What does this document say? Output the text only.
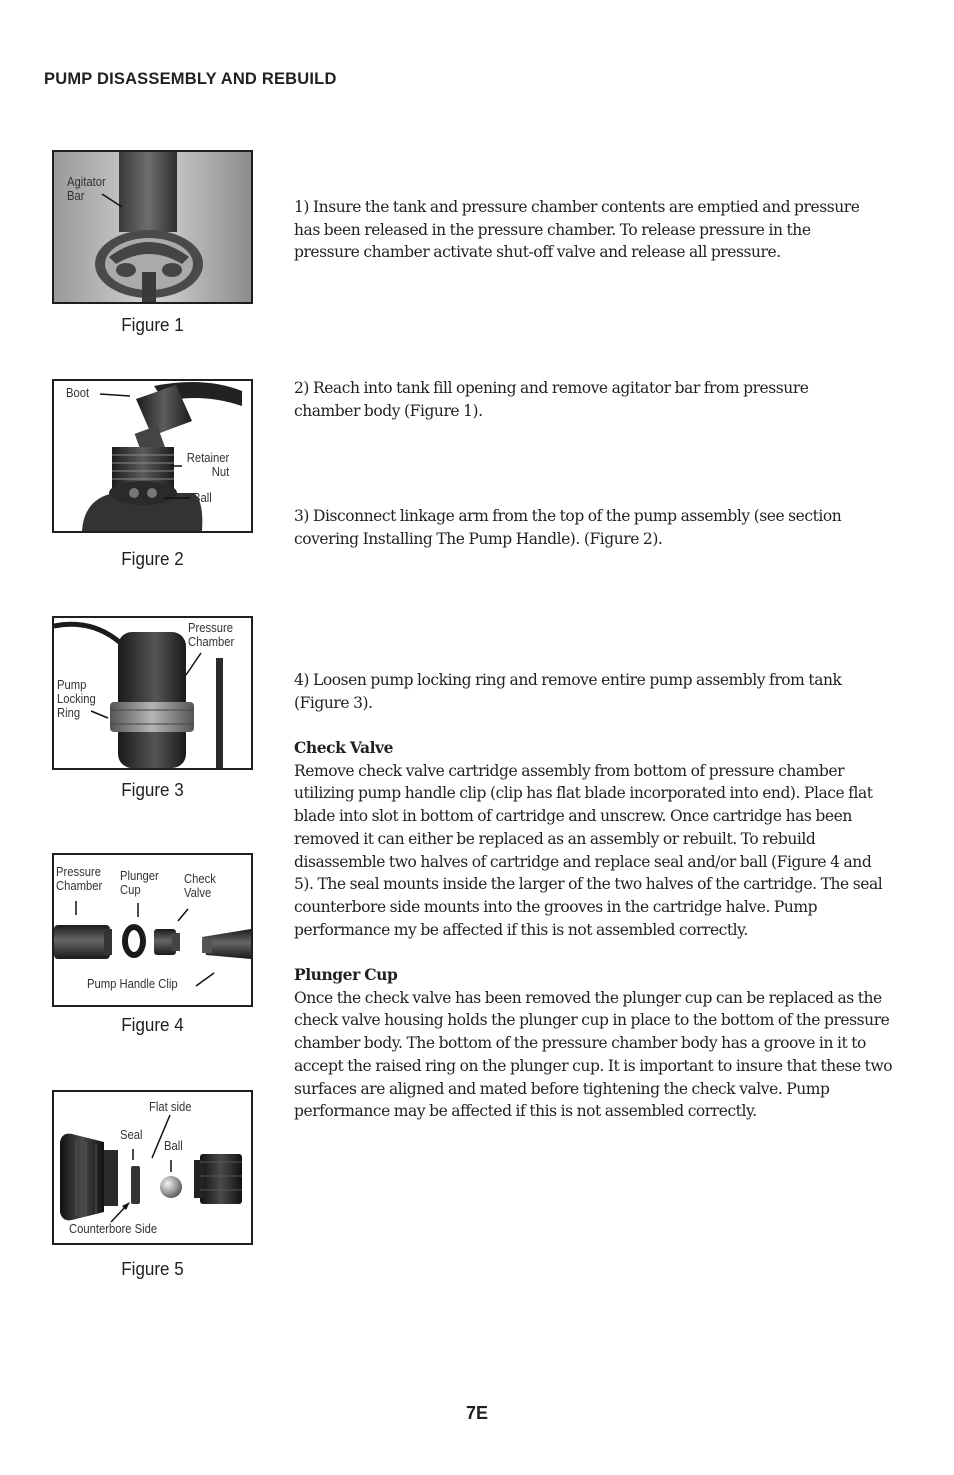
PUMP DISASSEMBLY AND REBUILD
Agitator
Bar
Figure 1
Boot
Retainer
Nut
Ball
Figure 2
Pressure
Chamber
Pump
Locking
Ring
Figure 3
Pressure
Chamber
Plunger
Cup
Check
Valve
Pump Handle Clip
Figure 4
Flat side
Seal
Ball
Counterbore Side
Figure 5

1) Insure the tank and pressure chamber contents are emptied and pressure has been released in the pressure chamber. To release pressure in the pressure chamber activate shut-off valve and release all pressure.

2) Reach into tank fill opening and remove agitator bar from pressure chamber body (Figure 1).

3) Disconnect linkage arm from the top of the pump assembly (see section covering Installing The Pump Handle). (Figure 2).

4) Loosen pump locking ring and remove entire pump assembly from tank (Figure 3).

Check Valve

Remove check valve cartridge assembly from bottom of pressure chamber utilizing pump handle clip (clip has flat blade incorporated into end). Place flat blade into slot in bottom of cartridge and unscrew. Once cartridge has been removed it can either be replaced as an assembly or rebuilt. To rebuild disassemble two halves of cartridge and replace seal and/or ball (Figure 4 and 5). The seal mounts inside the larger of the two halves of the cartridge. The seal counterbore side mounts into the grooves in the cartridge halve. Pump performance my be affected if this is not assembled correctly.

Plunger Cup

Once the check valve has been removed the plunger cup can be replaced as the check valve housing holds the plunger cup in place to the bottom of the pressure chamber body. The bottom of the pressure chamber body has a groove in it to accept the raised ring on the plunger cup. It is important to insure that these two surfaces are aligned and mated before tightening the check valve. Pump performance may be affected if this is not assembled correctly.

7E
